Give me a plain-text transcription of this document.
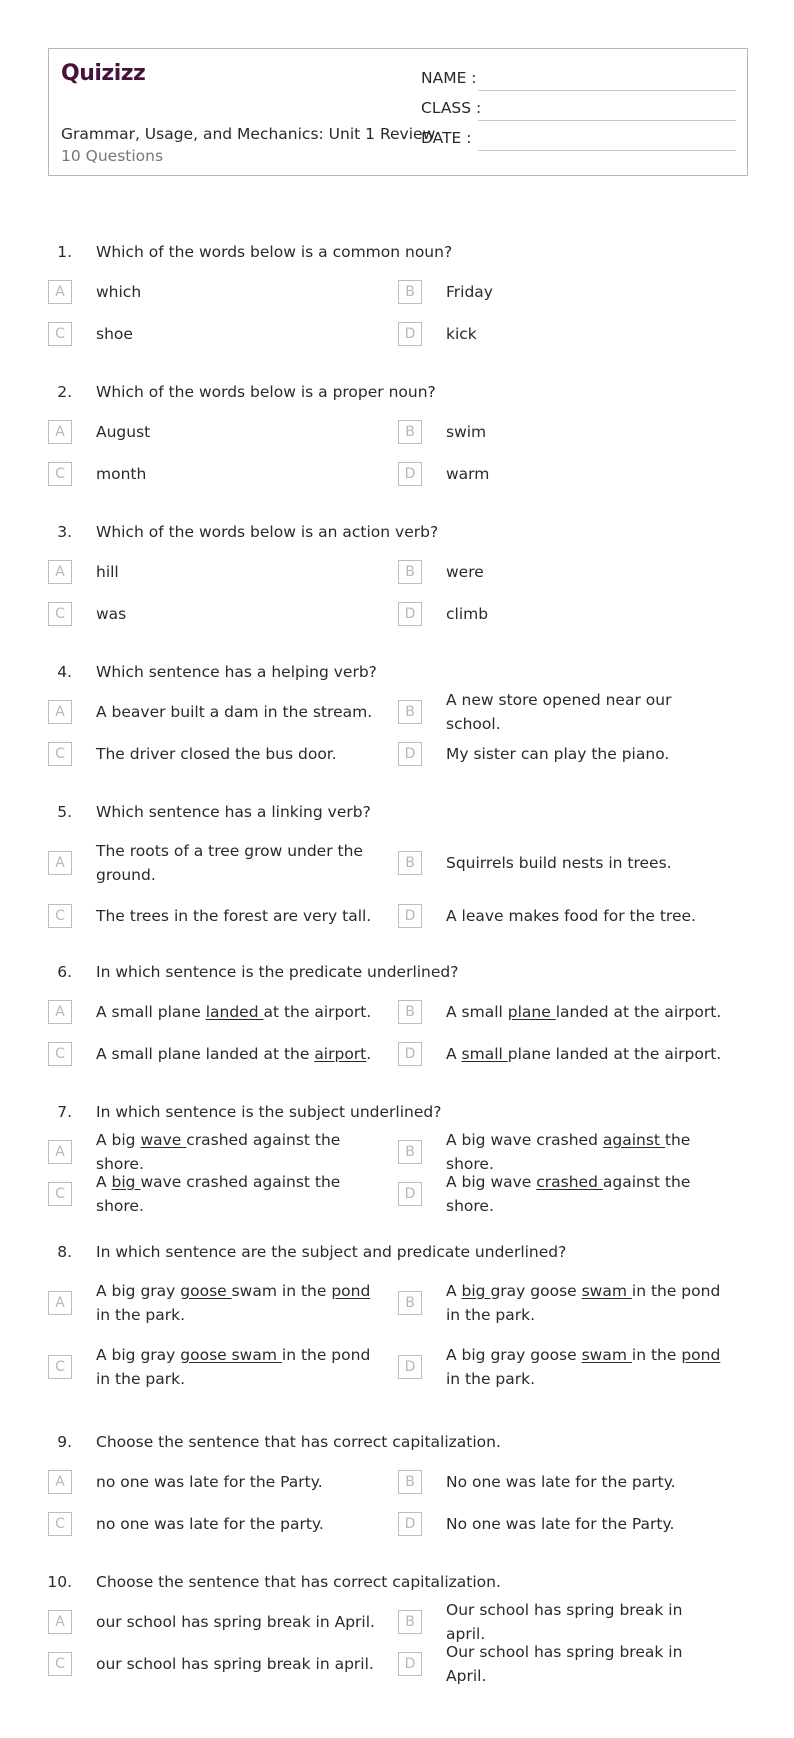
Quizizz
Grammar, Usage, and Mechanics: Unit 1 Review
10 Questions
NAME :
CLASS :
DATE :
1. Which of the words below is a common noun?
A	which	B	Friday
C	shoe	D	kick
2. Which of the words below is a proper noun?
A	August	B	swim
C	month	D	warm
3. Which of the words below is an action verb?
A	hill	B	were
C	was	D	climb
4. Which sentence has a helping verb?
A	A beaver built a dam in the stream.	B
A new store opened near our school.
C	The driver closed the bus door.	D	My sister can play the piano.
5. Which sentence has a linking verb?
A
The roots of a tree grow under the ground.
B	Squirrels build nests in trees.
C	The trees in the forest are very tall.	D	A leave makes food for the tree.
6. In which sentence is the predicate underlined?
A	A small plane landed at the airport.	B	A small plane landed at the airport.
C	A small plane landed at the airport.	D	A small plane landed at the airport.
7. In which sentence is the subject underlined?
A
A big wave crashed against the shore.
B
A big wave crashed against the shore.
C
A big wave crashed against the shore.
D
A big wave crashed against the shore.
8. In which sentence are the subject and predicate underlined?
A
A big gray goose swam in the pond in the park.
B
A big gray goose swam in the pond in the park.
C
A big gray goose swam in the pond in the park.
D
A big gray goose swam in the pond in the park.
9. Choose the sentence that has correct capitalization.
A	no one was late for the Party.	B	No one was late for the party.
C	no one was late for the party.	D	No one was late for the Party.
10. Choose the sentence that has correct capitalization.
A	our school has spring break in April.	B
Our school has spring break in april.
C	our school has spring break in april.	D
Our school has spring break in April.
